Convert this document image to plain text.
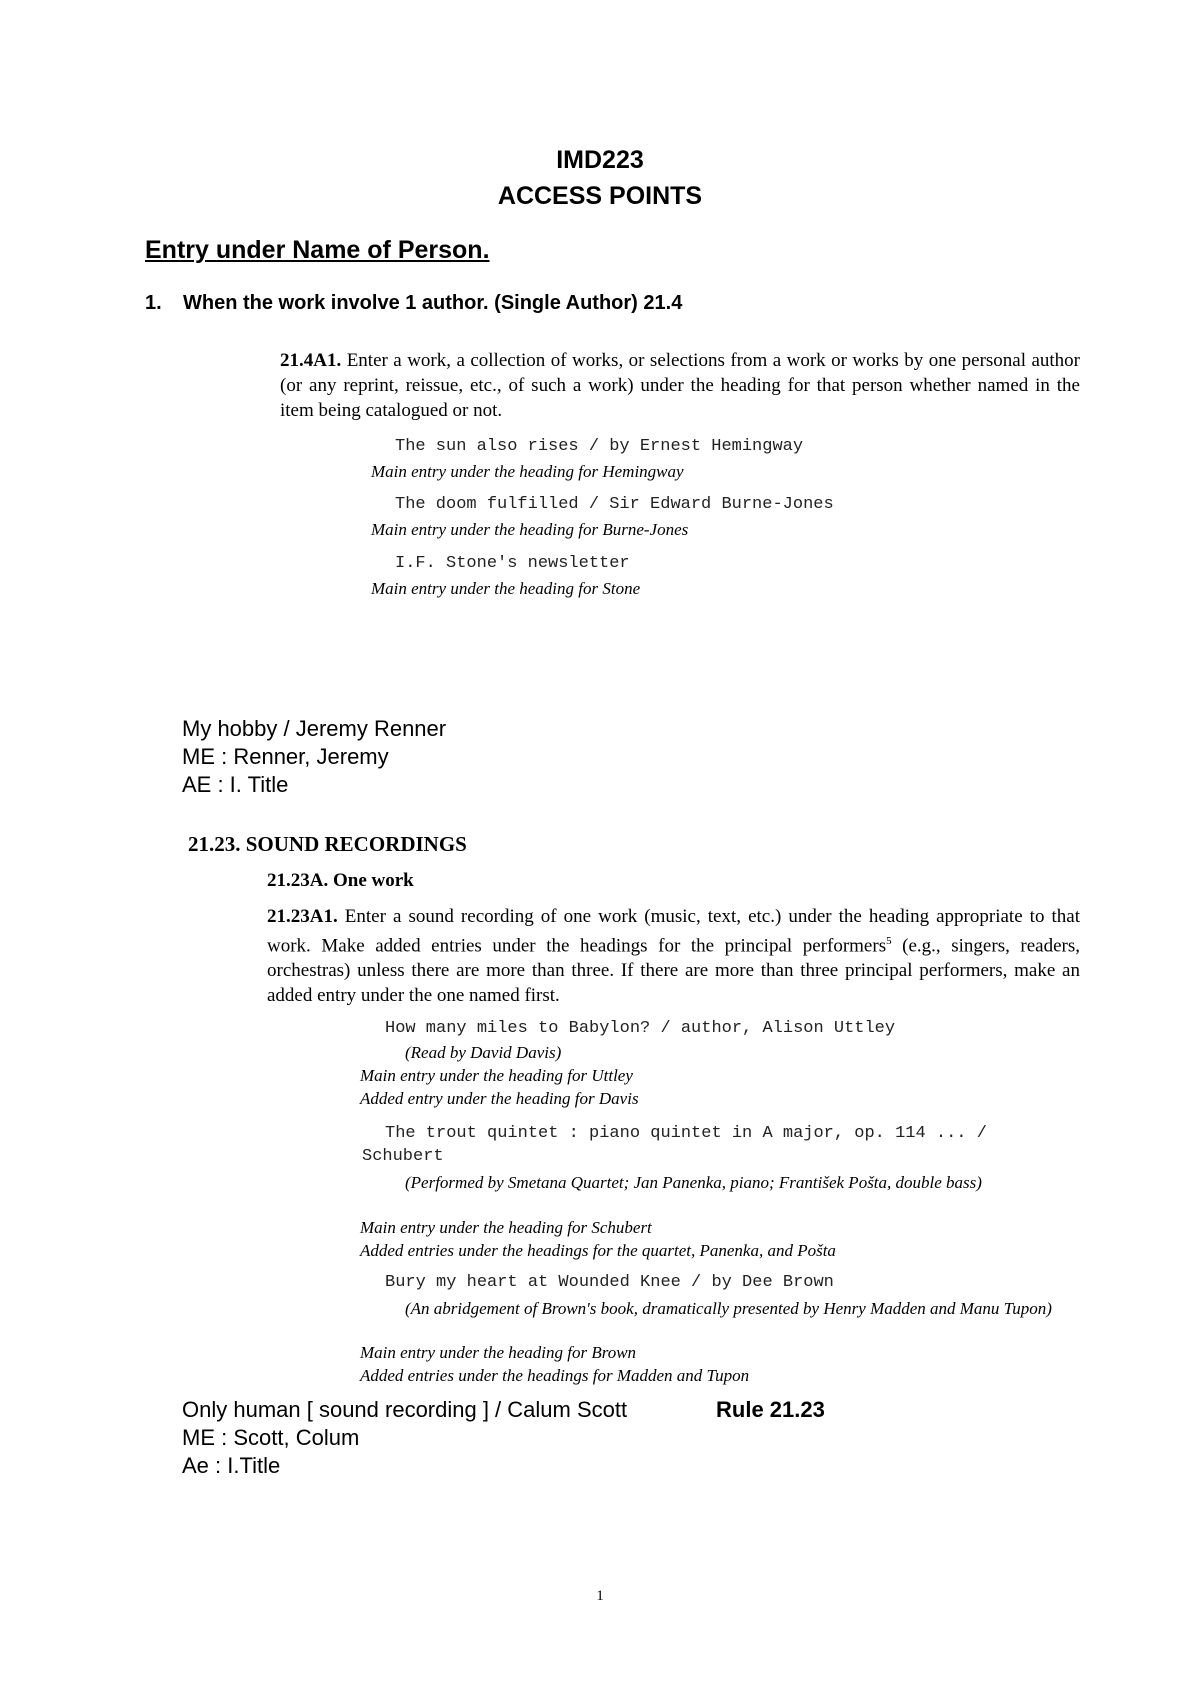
IMD223
ACCESS POINTS
Entry under Name of Person.
1. When the work involve 1 author. (Single Author) 21.4
21.4A1. Enter a work, a collection of works, or selections from a work or works by one personal author (or any reprint, reissue, etc., of such a work) under the heading for that person whether named in the item being catalogued or not.
The sun also rises / by Ernest Hemingway
Main entry under the heading for Hemingway
The doom fulfilled / Sir Edward Burne-Jones
Main entry under the heading for Burne-Jones
I.F. Stone's newsletter
Main entry under the heading for Stone
My hobby / Jeremy Renner
ME : Renner, Jeremy
AE : I. Title
21.23. SOUND RECORDINGS
21.23A. One work
21.23A1. Enter a sound recording of one work (music, text, etc.) under the heading appropriate to that work. Make added entries under the headings for the principal performers$^5$ (e.g., singers, readers, orchestras) unless there are more than three. If there are more than three principal performers, make an added entry under the one named first.
How many miles to Babylon? / author, Alison Uttley
(Read by David Davis)
Main entry under the heading for Uttley
Added entry under the heading for Davis
The trout quintet : piano quintet in A major, op. 114 ... /
Schubert
(Performed by Smetana Quartet; Jan Panenka, piano; František Pošta, double bass)
Main entry under the heading for Schubert
Added entries under the headings for the quartet, Panenka, and Pošta
Bury my heart at Wounded Knee / by Dee Brown
(An abridgement of Brown's book, dramatically presented by Henry Madden and Manu Tupon)
Main entry under the heading for Brown
Added entries under the headings for Madden and Tupon
Only human [ sound recording ] / Calum Scott	Rule 21.23
ME : Scott, Colum
Ae : I.Title
1
